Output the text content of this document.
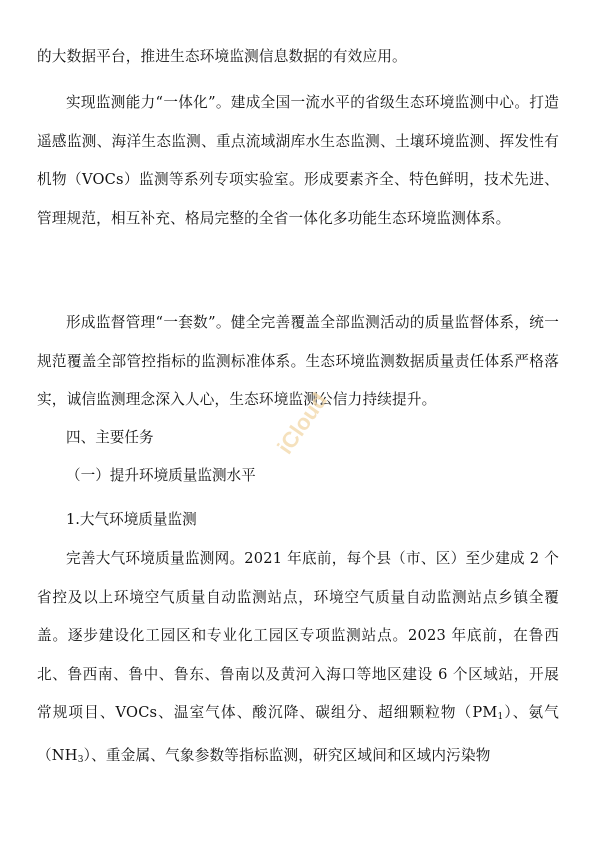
的大数据平台，推进生态环境监测信息数据的有效应用。
实现监测能力“一体化”。建成全国一流水平的省级生态环境监测中心。打造遥感监测、海洋生态监测、重点流域湖库水生态监测、土壤环境监测、挥发性有机物（VOCs）监测等系列专项实验室。形成要素齐全、特色鲜明，技术先进、管理规范，相互补充、格局完整的全省一体化多功能生态环境监测体系。
形成监督管理“一套数”。健全完善覆盖全部监测活动的质量监督体系，统一规范覆盖全部管控指标的监测标准体系。生态环境监测数据质量责任体系严格落实，诚信监测理念深入人心，生态环境监测公信力持续提升。
四、主要任务
（一）提升环境质量监测水平
1.大气环境质量监测
完善大气环境质量监测网。2021 年底前，每个县（市、区）至少建成 2 个省控及以上环境空气质量自动监测站点，环境空气质量自动监测站点乡镇全覆盖。逐步建设化工园区和专业化工园区专项监测站点。2023 年底前，在鲁西北、鲁西南、鲁中、鲁东、鲁南以及黄河入海口等地区建设 6 个区域站，开展常规项目、VOCs、温室气体、酸沉降、碳组分、超细颗粒物$(PM_1)$、氨气$(NH_3)$、重金属、气象参数等指标监测，研究区域间和区域内污染物
iCloud
